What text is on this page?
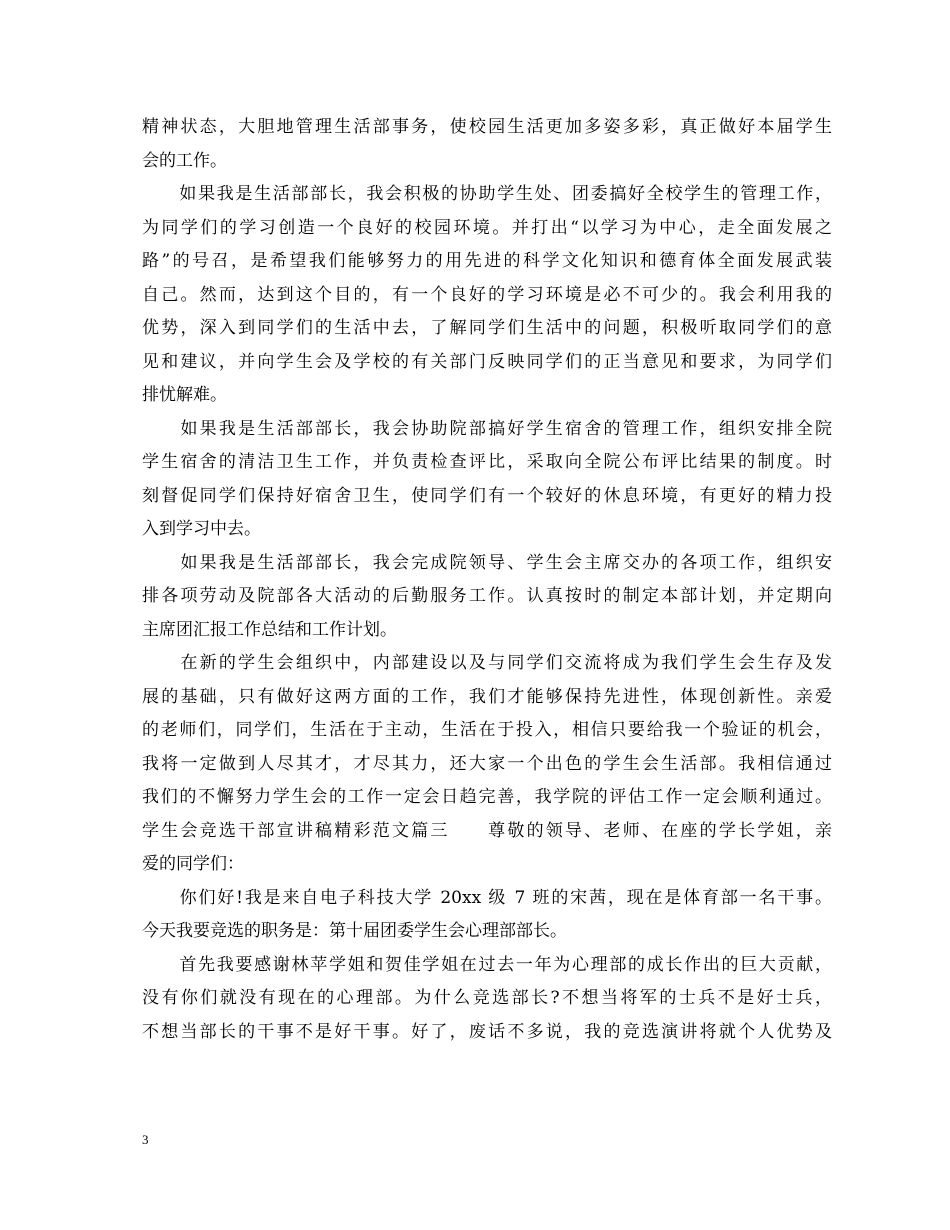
精神状态，大胆地管理生活部事务，使校园生活更加多姿多彩，真正做好本届学生
会的工作。
　　如果我是生活部部长，我会积极的协助学生处、团委搞好全校学生的管理工作，
为同学们的学习创造一个良好的校园环境。并打出“以学习为中心，走全面发展之
路”的号召，是希望我们能够努力的用先进的科学文化知识和德育体全面发展武装
自己。然而，达到这个目的，有一个良好的学习环境是必不可少的。我会利用我的
优势，深入到同学们的生活中去，了解同学们生活中的问题，积极听取同学们的意
见和建议，并向学生会及学校的有关部门反映同学们的正当意见和要求，为同学们
排忧解难。
　　如果我是生活部部长，我会协助院部搞好学生宿舍的管理工作，组织安排全院
学生宿舍的清洁卫生工作，并负责检查评比，采取向全院公布评比结果的制度。时
刻督促同学们保持好宿舍卫生，使同学们有一个较好的休息环境，有更好的精力投
入到学习中去。
　　如果我是生活部部长，我会完成院领导、学生会主席交办的各项工作，组织安
排各项劳动及院部各大活动的后勤服务工作。认真按时的制定本部计划，并定期向
主席团汇报工作总结和工作计划。
　　在新的学生会组织中，内部建设以及与同学们交流将成为我们学生会生存及发
展的基础，只有做好这两方面的工作，我们才能够保持先进性，体现创新性。亲爱
的老师们，同学们，生活在于主动，生活在于投入，相信只要给我一个验证的机会，
我将一定做到人尽其才，才尽其力，还大家一个出色的学生会生活部。我相信通过
我们的不懈努力学生会的工作一定会日趋完善，我学院的评估工作一定会顺利通过。
学生会竞选干部宣讲稿精彩范文篇三　　尊敬的领导、老师、在座的学长学姐，亲
爱的同学们：
　　你们好!我是来自电子科技大学 20xx 级 7 班的宋茜，现在是体育部一名干事。
今天我要竞选的职务是：第十届团委学生会心理部部长。
　　首先我要感谢林苹学姐和贺佳学姐在过去一年为心理部的成长作出的巨大贡献，
没有你们就没有现在的心理部。为什么竞选部长?不想当将军的士兵不是好士兵，
不想当部长的干事不是好干事。好了，废话不多说，我的竞选演讲将就个人优势及
3
